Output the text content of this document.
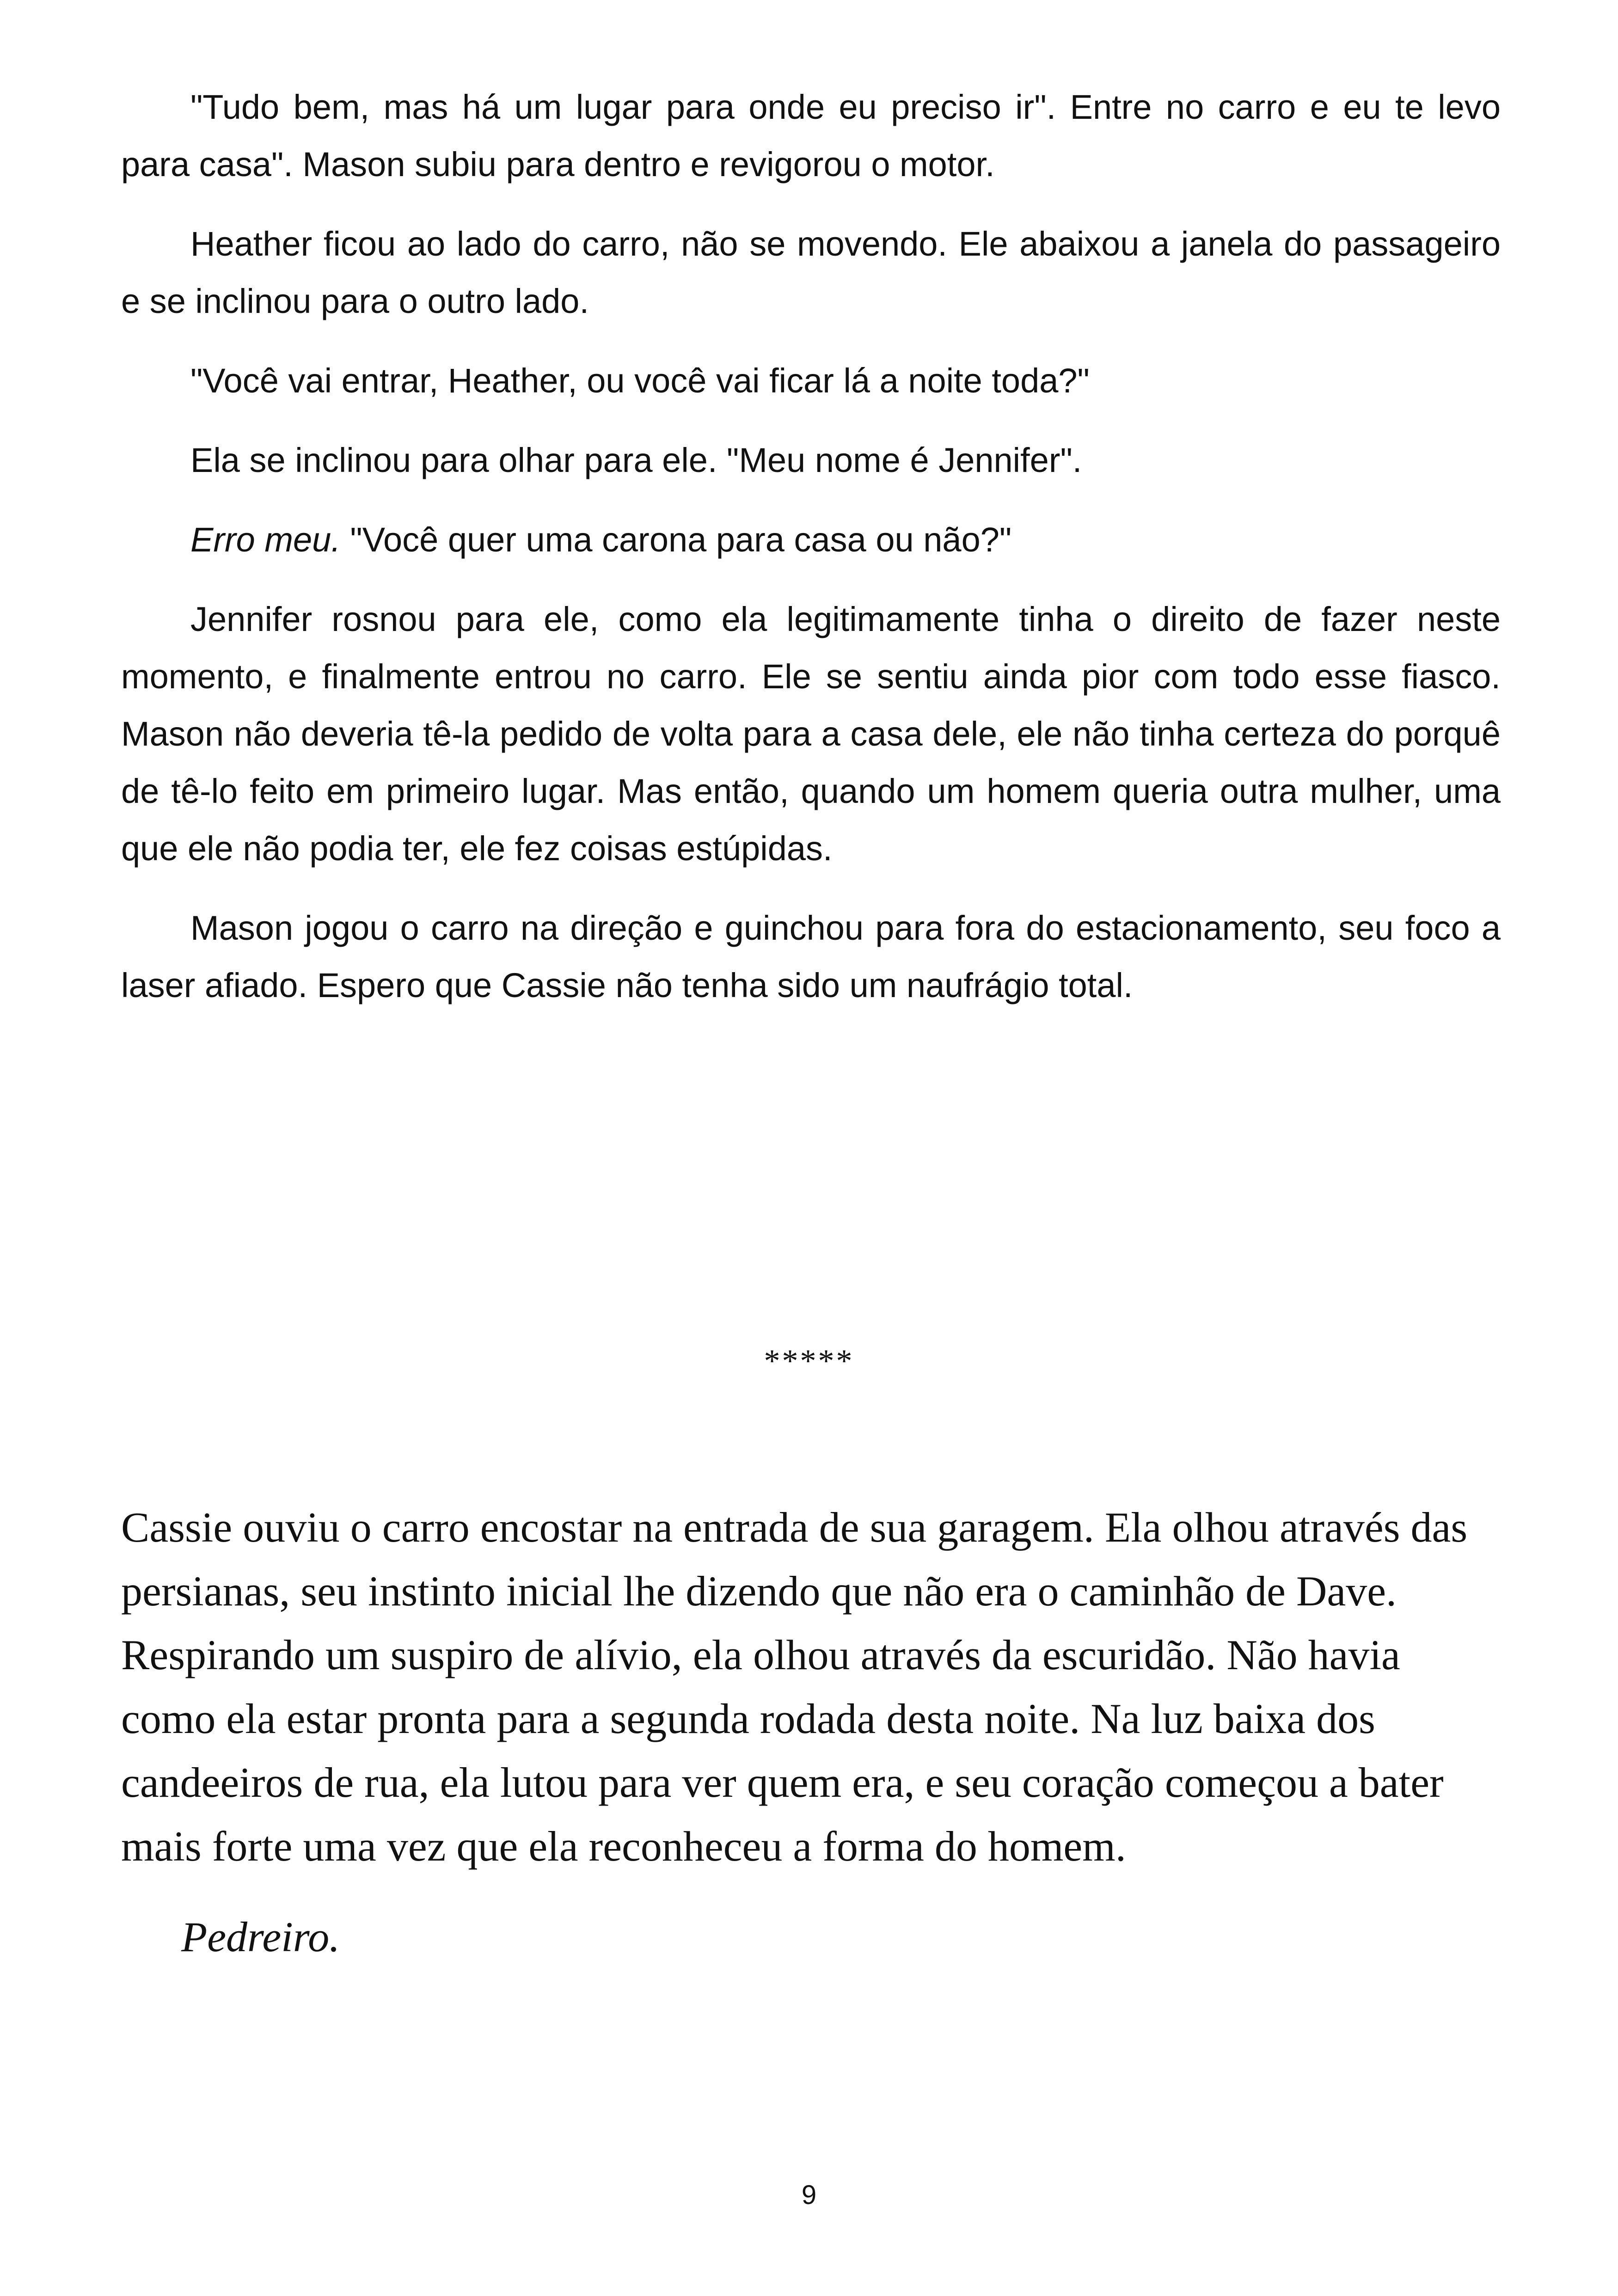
"Tudo bem, mas há um lugar para onde eu preciso ir". Entre no carro e eu te levo para casa". Mason subiu para dentro e revigorou o motor.

Heather ficou ao lado do carro, não se movendo. Ele abaixou a janela do passageiro e se inclinou para o outro lado.

"Você vai entrar, Heather, ou você vai ficar lá a noite toda?"

Ela se inclinou para olhar para ele. "Meu nome é Jennifer".

Erro meu. "Você quer uma carona para casa ou não?"

Jennifer rosnou para ele, como ela legitimamente tinha o direito de fazer neste momento, e finalmente entrou no carro. Ele se sentiu ainda pior com todo esse fiasco. Mason não deveria tê-la pedido de volta para a casa dele, ele não tinha certeza do porquê de tê-lo feito em primeiro lugar. Mas então, quando um homem queria outra mulher, uma que ele não podia ter, ele fez coisas estúpidas.

Mason jogou o carro na direção e guinchou para fora do estacionamento, seu foco a laser afiado. Espero que Cassie não tenha sido um naufrágio total.

*****

Cassie ouviu o carro encostar na entrada de sua garagem. Ela olhou através das persianas, seu instinto inicial lhe dizendo que não era o caminhão de Dave. Respirando um suspiro de alívio, ela olhou através da escuridão. Não havia como ela estar pronta para a segunda rodada desta noite. Na luz baixa dos candeeiros de rua, ela lutou para ver quem era, e seu coração começou a bater mais forte uma vez que ela reconheceu a forma do homem.

Pedreiro.

9
